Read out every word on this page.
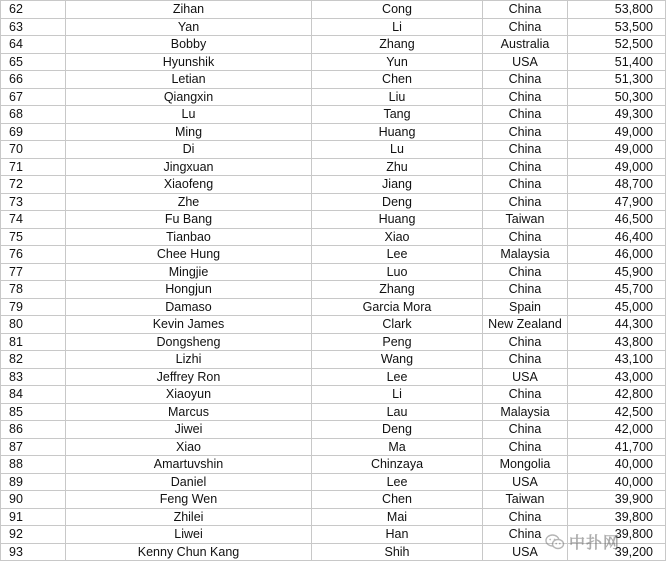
62	Zihan	Cong	China	53,800
63	Yan	Li	China	53,500
64	Bobby	Zhang	Australia	52,500
65	Hyunshik	Yun	USA	51,400
66	Letian	Chen	China	51,300
67	Qiangxin	Liu	China	50,300
68	Lu	Tang	China	49,300
69	Ming	Huang	China	49,000
70	Di	Lu	China	49,000
71	Jingxuan	Zhu	China	49,000
72	Xiaofeng	Jiang	China	48,700
73	Zhe	Deng	China	47,900
74	Fu Bang	Huang	Taiwan	46,500
75	Tianbao	Xiao	China	46,400
76	Chee Hung	Lee	Malaysia	46,000
77	Mingjie	Luo	China	45,900
78	Hongjun	Zhang	China	45,700
79	Damaso	Garcia Mora	Spain	45,000
80	Kevin James	Clark	New Zealand	44,300
81	Dongsheng	Peng	China	43,800
82	Lizhi	Wang	China	43,100
83	Jeffrey Ron	Lee	USA	43,000
84	Xiaoyun	Li	China	42,800
85	Marcus	Lau	Malaysia	42,500
86	Jiwei	Deng	China	42,000
87	Xiao	Ma	China	41,700
88	Amartuvshin	Chinzaya	Mongolia	40,000
89	Daniel	Lee	USA	40,000
90	Feng Wen	Chen	Taiwan	39,900
91	Zhilei	Mai	China	39,800
92	Liwei	Han	China	39,800
93	Kenny Chun Kang	Shih	USA	39,200
中扑网
